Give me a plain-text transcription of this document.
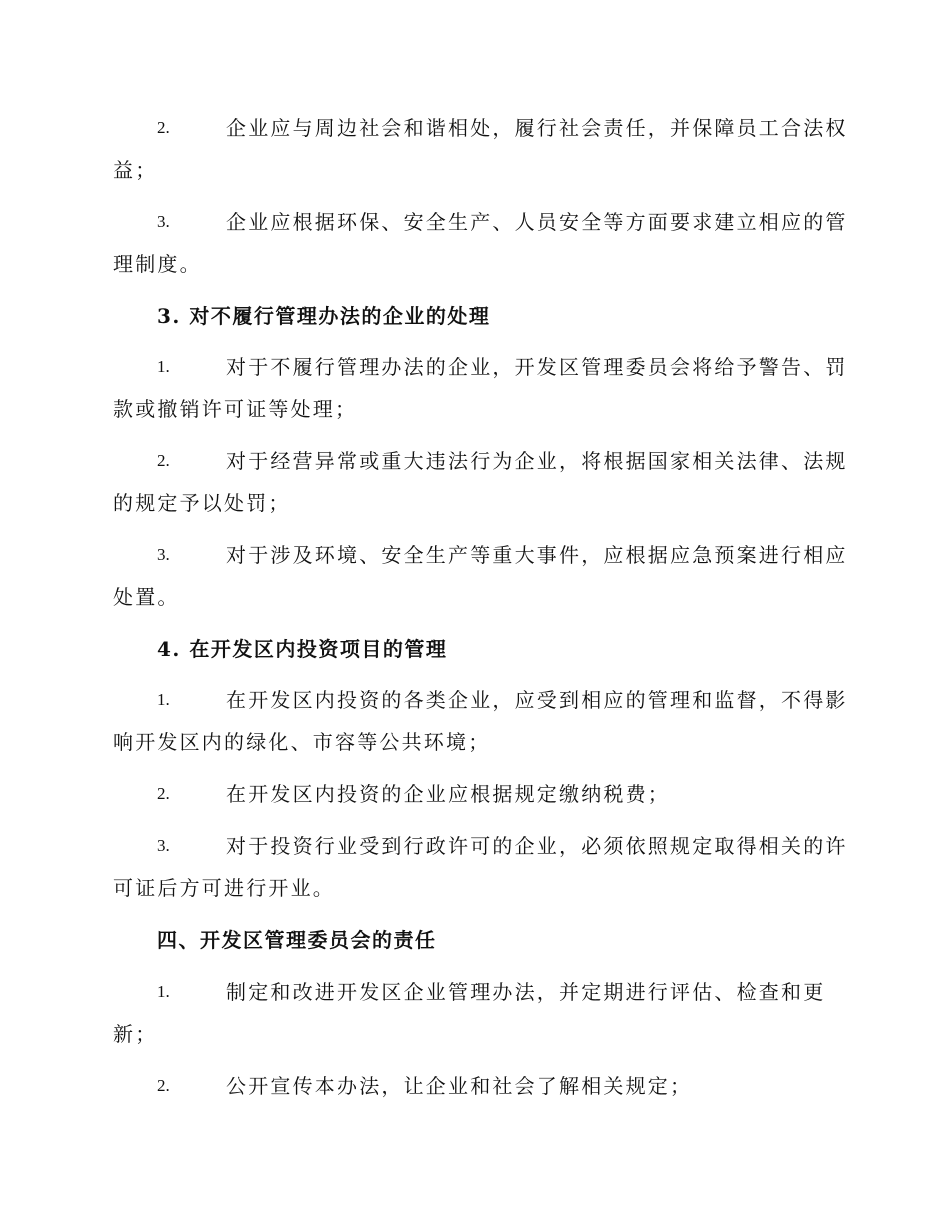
2.	企业应与周边社会和谐相处，履行社会责任，并保障员工合法权
益；
3.	企业应根据环保、安全生产、人员安全等方面要求建立相应的管
理制度。
3. 对不履行管理办法的企业的处理
1.	对于不履行管理办法的企业，开发区管理委员会将给予警告、罚
款或撤销许可证等处理；
2.	对于经营异常或重大违法行为企业，将根据国家相关法律、法规
的规定予以处罚；
3.	对于涉及环境、安全生产等重大事件，应根据应急预案进行相应
处置。
4. 在开发区内投资项目的管理
1.	在开发区内投资的各类企业，应受到相应的管理和监督，不得影
响开发区内的绿化、市容等公共环境；
2.	在开发区内投资的企业应根据规定缴纳税费；
3.	对于投资行业受到行政许可的企业，必须依照规定取得相关的许
可证后方可进行开业。
四、开发区管理委员会的责任
1.	制定和改进开发区企业管理办法，并定期进行评估、检查和更
新；
2.	公开宣传本办法，让企业和社会了解相关规定；
